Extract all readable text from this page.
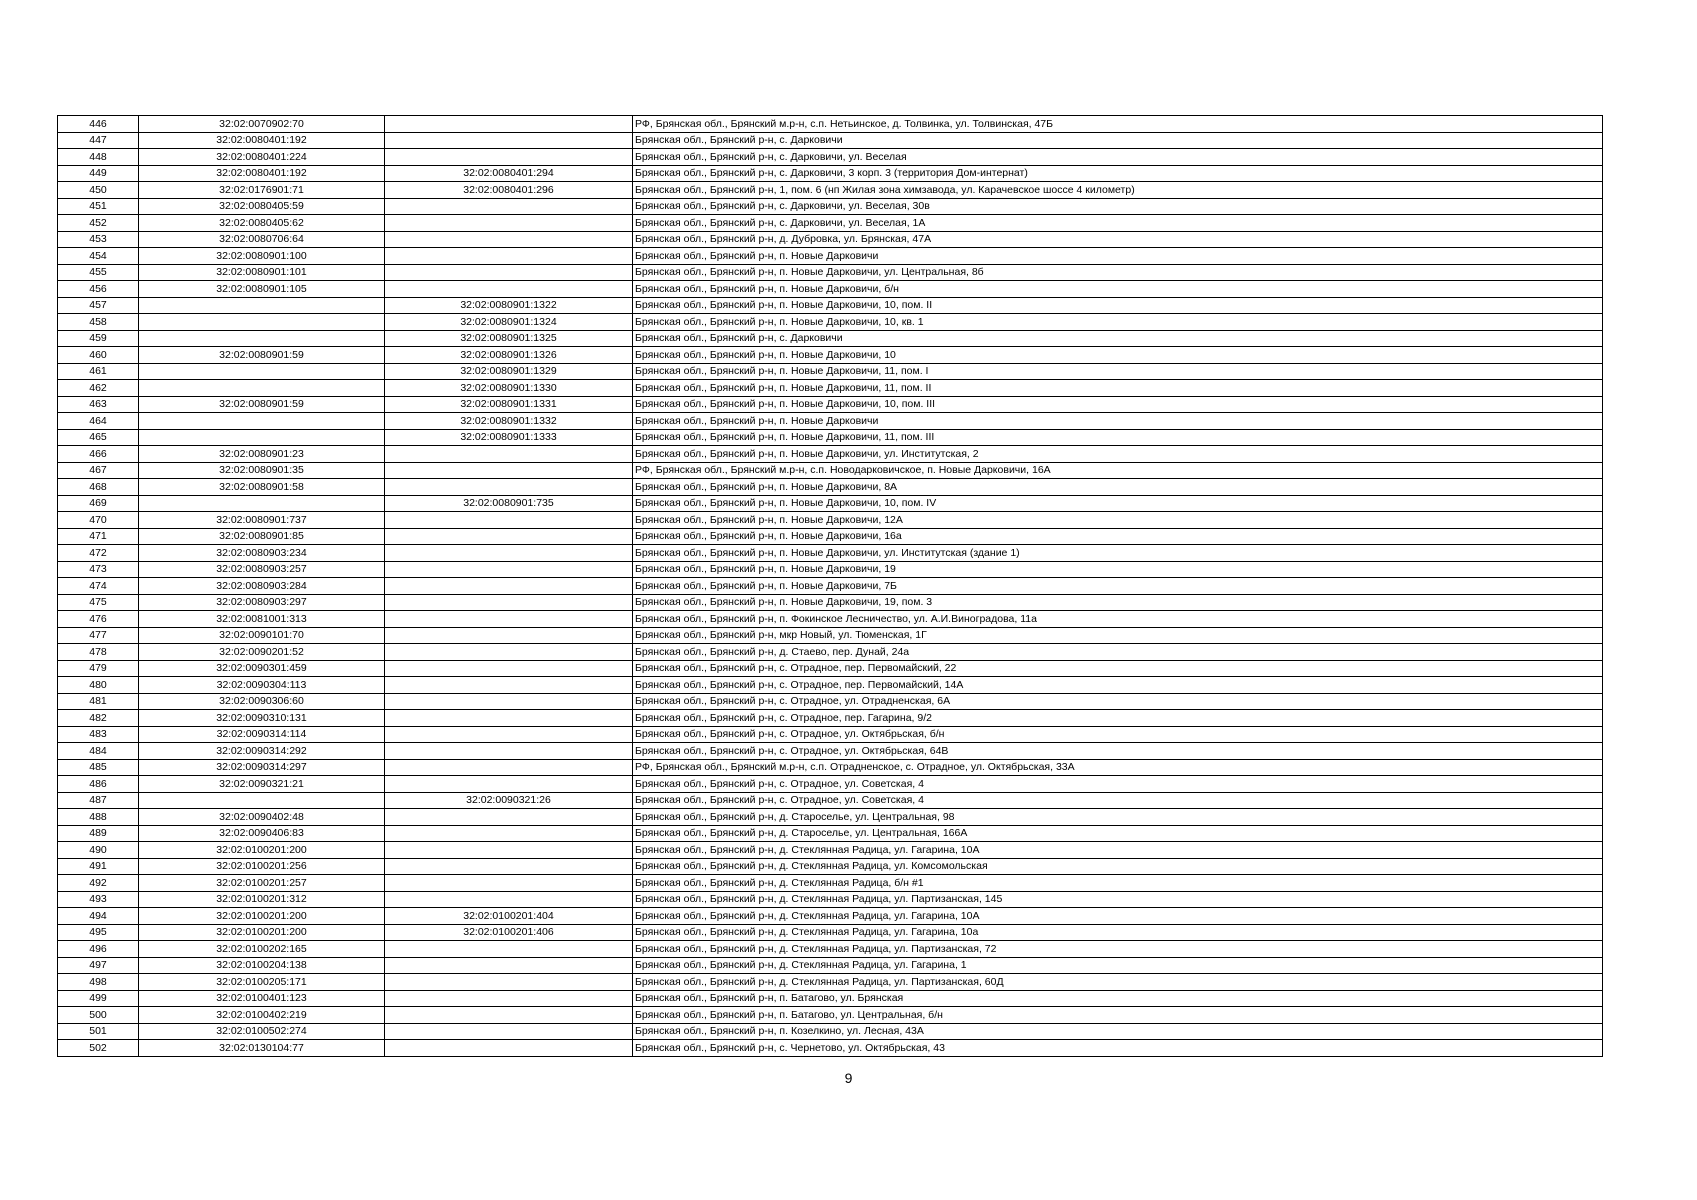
446	32:02:0070902:70		РФ, Брянская обл., Брянский м.р-н, с.п. Нетьинское, д. Толвинка, ул. Толвинская, 47Б
447	32:02:0080401:192		Брянская обл., Брянский р-н, с. Дарковичи
448	32:02:0080401:224		Брянская обл., Брянский р-н, с. Дарковичи, ул. Веселая
449	32:02:0080401:192	32:02:0080401:294	Брянская обл., Брянский р-н, с. Дарковичи, 3 корп. 3 (территория Дом-интернат)
450	32:02:0176901:71	32:02:0080401:296	Брянская обл., Брянский р-н, 1, пом. 6 (нп Жилая зона химзавода, ул. Карачевское шоссе 4 километр)
451	32:02:0080405:59		Брянская обл., Брянский р-н, с. Дарковичи, ул. Веселая, 30в
452	32:02:0080405:62		Брянская обл., Брянский р-н, с. Дарковичи, ул. Веселая, 1А
453	32:02:0080706:64		Брянская обл., Брянский р-н, д. Дубровка, ул. Брянская, 47А
454	32:02:0080901:100		Брянская обл., Брянский р-н, п. Новые Дарковичи
455	32:02:0080901:101		Брянская обл., Брянский р-н, п. Новые Дарковичи, ул. Центральная, 8б
456	32:02:0080901:105		Брянская обл., Брянский р-н, п. Новые Дарковичи, б/н
457		32:02:0080901:1322	Брянская обл., Брянский р-н, п. Новые Дарковичи, 10, пом. II
458		32:02:0080901:1324	Брянская обл., Брянский р-н, п. Новые Дарковичи, 10, кв. 1
459		32:02:0080901:1325	Брянская обл., Брянский р-н, с. Дарковичи
460	32:02:0080901:59	32:02:0080901:1326	Брянская обл., Брянский р-н, п. Новые Дарковичи, 10
461		32:02:0080901:1329	Брянская обл., Брянский р-н, п. Новые Дарковичи, 11, пом. I
462		32:02:0080901:1330	Брянская обл., Брянский р-н, п. Новые Дарковичи, 11, пом. II
463	32:02:0080901:59	32:02:0080901:1331	Брянская обл., Брянский р-н, п. Новые Дарковичи, 10, пом. III
464		32:02:0080901:1332	Брянская обл., Брянский р-н, п. Новые Дарковичи
465		32:02:0080901:1333	Брянская обл., Брянский р-н, п. Новые Дарковичи, 11, пом. III
466	32:02:0080901:23		Брянская обл., Брянский р-н, п. Новые Дарковичи, ул. Институтская, 2
467	32:02:0080901:35		РФ, Брянская обл., Брянский м.р-н, с.п. Новодарковичское, п. Новые Дарковичи, 16А
468	32:02:0080901:58		Брянская обл., Брянский р-н, п. Новые Дарковичи, 8А
469		32:02:0080901:735	Брянская обл., Брянский р-н, п. Новые Дарковичи, 10, пом. IV
470	32:02:0080901:737		Брянская обл., Брянский р-н, п. Новые Дарковичи, 12А
471	32:02:0080901:85		Брянская обл., Брянский р-н, п. Новые Дарковичи, 16а
472	32:02:0080903:234		Брянская обл., Брянский р-н, п. Новые Дарковичи, ул. Институтская (здание 1)
473	32:02:0080903:257		Брянская обл., Брянский р-н, п. Новые Дарковичи, 19
474	32:02:0080903:284		Брянская обл., Брянский р-н, п. Новые Дарковичи, 7Б
475	32:02:0080903:297		Брянская обл., Брянский р-н, п. Новые Дарковичи, 19, пом. 3
476	32:02:0081001:313		Брянская обл., Брянский р-н, п. Фокинское Лесничество, ул. А.И.Виноградова, 11а
477	32:02:0090101:70		Брянская обл., Брянский р-н, мкр Новый, ул. Тюменская, 1Г
478	32:02:0090201:52		Брянская обл., Брянский р-н, д. Стаево, пер. Дунай, 24а
479	32:02:0090301:459		Брянская обл., Брянский р-н, с. Отрадное, пер. Первомайский, 22
480	32:02:0090304:113		Брянская обл., Брянский р-н, с. Отрадное, пер. Первомайский, 14А
481	32:02:0090306:60		Брянская обл., Брянский р-н, с. Отрадное, ул. Отрадненская, 6А
482	32:02:0090310:131		Брянская обл., Брянский р-н, с. Отрадное, пер. Гагарина, 9/2
483	32:02:0090314:114		Брянская обл., Брянский р-н, с. Отрадное, ул. Октябрьская, б/н
484	32:02:0090314:292		Брянская обл., Брянский р-н, с. Отрадное, ул. Октябрьская, 64В
485	32:02:0090314:297		РФ, Брянская обл., Брянский м.р-н, с.п. Отрадненское, с. Отрадное, ул. Октябрьская, 33А
486	32:02:0090321:21		Брянская обл., Брянский р-н, с. Отрадное, ул. Советская, 4
487		32:02:0090321:26	Брянская обл., Брянский р-н, с. Отрадное, ул. Советская, 4
488	32:02:0090402:48		Брянская обл., Брянский р-н, д. Староселье, ул. Центральная, 98
489	32:02:0090406:83		Брянская обл., Брянский р-н, д. Староселье, ул. Центральная, 166А
490	32:02:0100201:200		Брянская обл., Брянский р-н, д. Стеклянная Радица, ул. Гагарина, 10А
491	32:02:0100201:256		Брянская обл., Брянский р-н, д. Стеклянная Радица, ул. Комсомольская
492	32:02:0100201:257		Брянская обл., Брянский р-н, д. Стеклянная Радица, б/н #1
493	32:02:0100201:312		Брянская обл., Брянский р-н, д. Стеклянная Радица, ул. Партизанская, 145
494	32:02:0100201:200	32:02:0100201:404	Брянская обл., Брянский р-н, д. Стеклянная Радица, ул. Гагарина, 10А
495	32:02:0100201:200	32:02:0100201:406	Брянская обл., Брянский р-н, д. Стеклянная Радица, ул. Гагарина, 10а
496	32:02:0100202:165		Брянская обл., Брянский р-н, д. Стеклянная Радица, ул. Партизанская, 72
497	32:02:0100204:138		Брянская обл., Брянский р-н, д. Стеклянная Радица, ул. Гагарина, 1
498	32:02:0100205:171		Брянская обл., Брянский р-н, д. Стеклянная Радица, ул. Партизанская, 60Д
499	32:02:0100401:123		Брянская обл., Брянский р-н, п. Батагово, ул. Брянская
500	32:02:0100402:219		Брянская обл., Брянский р-н, п. Батагово, ул. Центральная, б/н
501	32:02:0100502:274		Брянская обл., Брянский р-н, п. Козелкино, ул. Лесная, 43А
502	32:02:0130104:77		Брянская обл., Брянский р-н, с. Чернетово, ул. Октябрьская, 43
9
